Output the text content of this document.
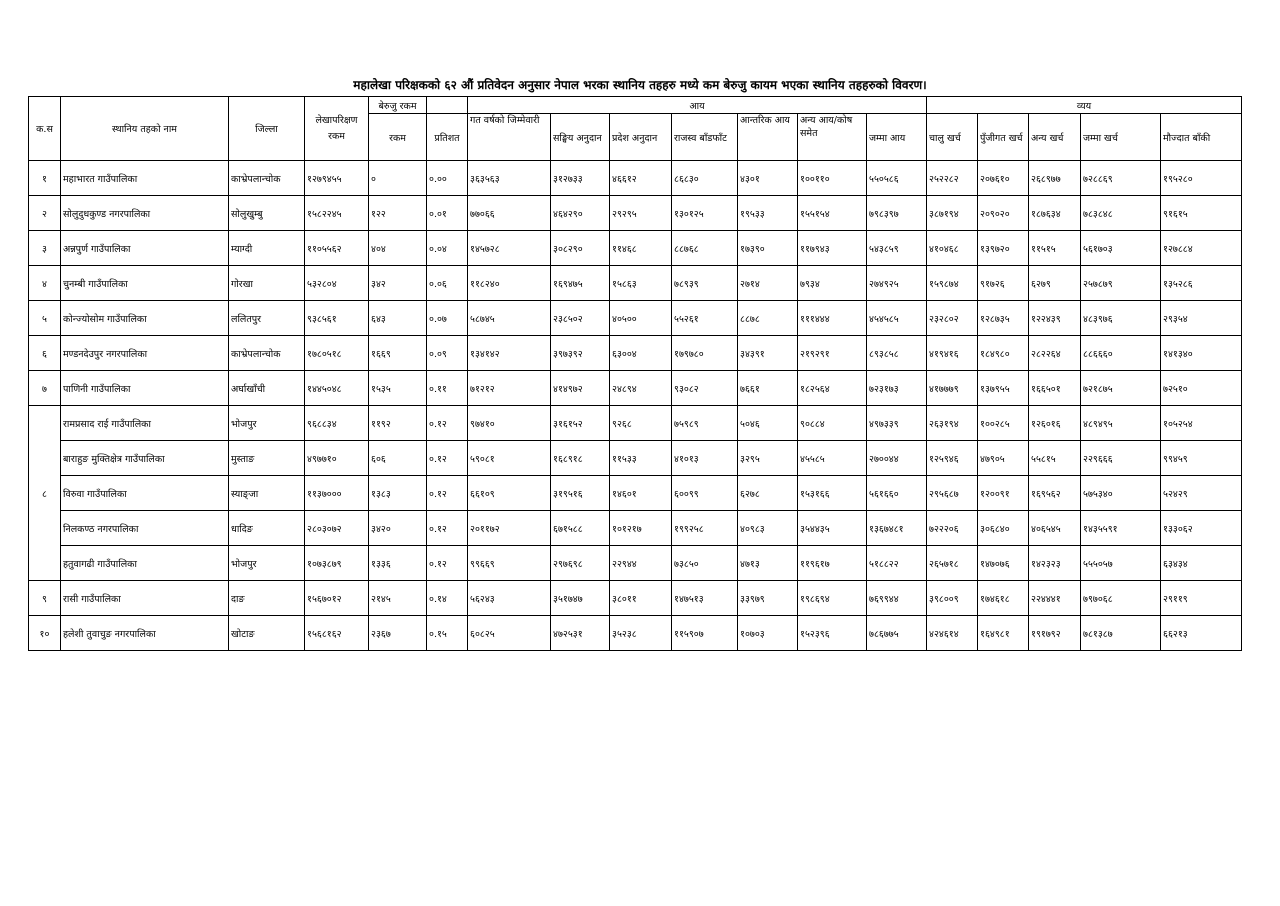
महालेखा परिक्षकको ६२ औं प्रतिवेदन अनुसार नेपाल भरका स्थानिय तहहरु मध्ये कम बेरुजु कायम भएका स्थानिय तहहरुको विवरण।
क.स	स्थानिय तहको नाम	जिल्ला	लेखापरिक्षण रकम	बेरुजु रकम		आय							व्यय				
				रकम	प्रतिशत	गत वर्षको जिम्मेवारी	सङ्घिय अनुदान	प्रदेश अनुदान	राजस्व बाँडफाँट	आन्तरिक आय	अन्य आय/कोष समेत	जम्मा आय	चालु खर्च	पुँजीगत खर्च	अन्य खर्च	जम्मा खर्च	मौज्दात बाँकी
१	महाभारत गाउँपालिका	काभ्रेपलान्चोक	१२७९४५५	०	०.००	३६३५६३	३१२७३३	४६६१२	८६८३०	४३०१	१००११०	५५०५८६	२५२२८२	२०७६१०	२६८९७७	७२८८६९	१९५२८०
२	सोलुदुधकुण्ड नगरपालिका	सोलुखुम्बु	१५८२२४५	१२२	०.०१	७७०६६	४६४२९०	२९२९५	१३०१२५	१९५३३	१५५१५४	७९८३९७	३८७१९४	२०९०२०	१८७६३४	७८३८४८	९१६१५
३	अन्नपुर्ण गाउँपालिका	म्याग्दी	११०५५६२	४०४	०.०४	१४५७२८	३०८२९०	११४६८	८८७६८	१७३९०	११७९४३	५४३८५९	४१०४६८	१३९७२०	११५१५	५६१७०३	१२७८८४
४	चुनम्बी गाउँपालिका	गोरखा	५३२८०४	३४२	०.०६	११८२४०	१६९४७५	१५८६३	७८९३९	२७१४	७९३४	२७४९२५	१५९८७४	९१७२६	६२७९	२५७८७९	१३५२८६
५	कोन्ज्योसोम गाउँपालिका	ललितपुर	९३८५६१	६४३	०.०७	५८७४५	२३८५०२	४०५००	५५२६१	८८७८	१११४४४	४५४५८५	२३२८०२	१२८७३५	१२२४३९	४८३९७६	२९३५४
६	मण्डनदेउपुर नगरपालिका	काभ्रेपलान्चोक	१७८०५१८	१६६९	०.०९	१३४१४२	३९७३९२	६३००४	१७९७८०	३४३९१	२१९२९१	८९३८५८	४१९४१६	१८४९८०	२८२२६४	८८६६६०	१४१३४०
७	पाणिनी गाउँपालिका	अर्घाखाँची	१४४५०४८	१५३५	०.११	७१२१२	४१४९७२	२४८९४	९३०८२	७६६१	१८२५६४	७२३१७३	४१७७७९	१३७९५५	१६६५०१	७२१८७५	७२५१०
८	रामप्रसाद राई गाउँपालिका	भोजपुर	९६८८३४	११९२	०.१२	९७४१०	३१६१५२	९२६८	७५९८९	५०४६	९०८८४	४९७३३९	२६३१९४	१००२८५	१२६०१६	४८९४९५	१०५२५४
	बाराहुङ मुक्तिक्षेत्र गाउँपालिका	मुस्ताङ	४९७७१०	६०६	०.१२	५९०८१	१६८९१८	११५३३	४१०१३	३२९५	४५५८५	२७००४४	१२५९४६	४७९०५	५५८१५	२२९६६६	९९४५९
	विरुवा गाउँपालिका	स्याङ्जा	११३७०००	१३८३	०.१२	६६१०९	३१९५१६	१४६०१	६००९९	६२७८	१५३१६६	५६१६६०	२९५६८७	१२००९१	१६९५६२	५७५३४०	५२४२९
	निलकण्ठ नगरपालिका	धादिङ	२८०३०७२	३४२०	०.१२	२०११७२	६७१५८८	१०१२१७	१९९२५८	४०९८३	३५४४३५	१३६७४८१	७२२२०६	३०६८४०	४०६५४५	१४३५५९१	१३३०६२
	हतुवागढी गाउँपालिका	भोजपुर	१०७३८७९	१३३६	०.१२	९९६६९	२९७६९८	२२९४४	७३८५०	४७१३	११९६१७	५१८८२२	२६५७१८	१४७०७६	१४२३२३	५५५०५७	६३४३४
९	रासी गाउँपालिका	दाङ	१५६७०१२	२१४५	०.१४	५६२४३	३५१७४७	३८०११	१४७५१३	३३९७९	१९८६९४	७६९९४४	३९८००९	१७४६१८	२२४४४१	७९७०६८	२९११९
१०	हलेशी तुवाचुङ नगरपालिका	खोटाङ	१५६८१६२	२३६७	०.१५	६०८२५	४७२५३१	३५२३८	११५९०७	१०७०३	१५२३९६	७८६७७५	४२४६१४	१६४९८१	१९१७९२	७८१३८७	६६२१३
